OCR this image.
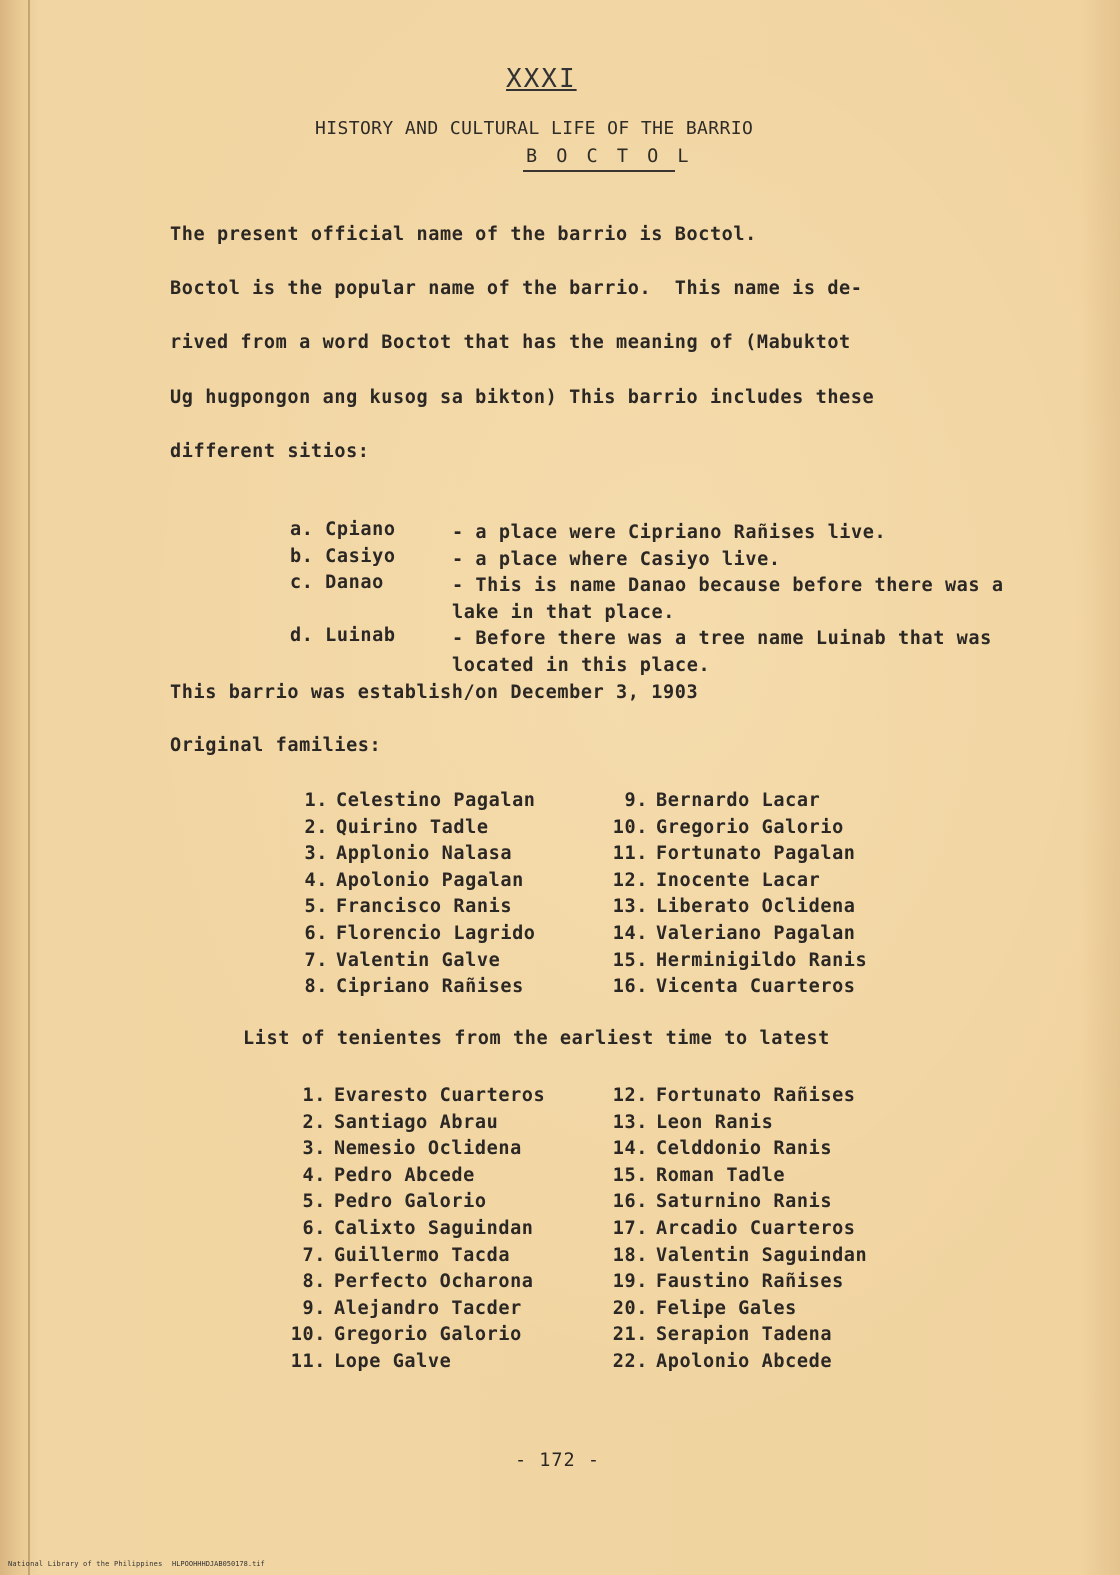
XXXI
HISTORY AND CULTURAL LIFE OF THE BARRIO
B O C T O L
The present official name of the barrio is Boctol.
Boctol is the popular name of the barrio.  This name is de-
rived from a word Boctot that has the meaning of (Mabuktot
Ug hugpongon ang kusog sa bikton) This barrio includes these
different sitios:

a. Cpiano	- a place were Cipriano Rañises live.

b. Casiyo	- a place where Casiyo live.

c. Danao	- This is name Danao because before there was a lake in that place.

d. Luinab	- Before there was a tree name Luinab that was located in this place.

This barrio was establish/on December 3, 1903
Original families:
1. Celestino Pagalan
2. Quirino Tadle
3. Applonio Nalasa
4. Apolonio Pagalan
5. Francisco Ranis
6. Florencio Lagrido
7. Valentin Galve
8. Cipriano Rañises
9. Bernardo Lacar
10. Gregorio Galorio
11. Fortunato Pagalan
12. Inocente Lacar
13. Liberato Oclidena
14. Valeriano Pagalan
15. Herminigildo Ranis
16. Vicenta Cuarteros
List of tenientes from the earliest time to latest
1. Evaresto Cuarteros
2. Santiago Abrau
3. Nemesio Oclidena
4. Pedro Abcede
5. Pedro Galorio
6. Calixto Saguindan
7. Guillermo Tacda
8. Perfecto Ocharona
9. Alejandro Tacder
10. Gregorio Galorio
11. Lope Galve
12. Fortunato Rañises
13. Leon Ranis
14. Celddonio Ranis
15. Roman Tadle
16. Saturnino Ranis
17. Arcadio Cuarteros
18. Valentin Saguindan
19. Faustino Rañises
20. Felipe Gales
21. Serapion Tadena
22. Apolonio Abcede
- 172 -
National Library of the Philippines HLPOOHHHDJAB050178.tif
